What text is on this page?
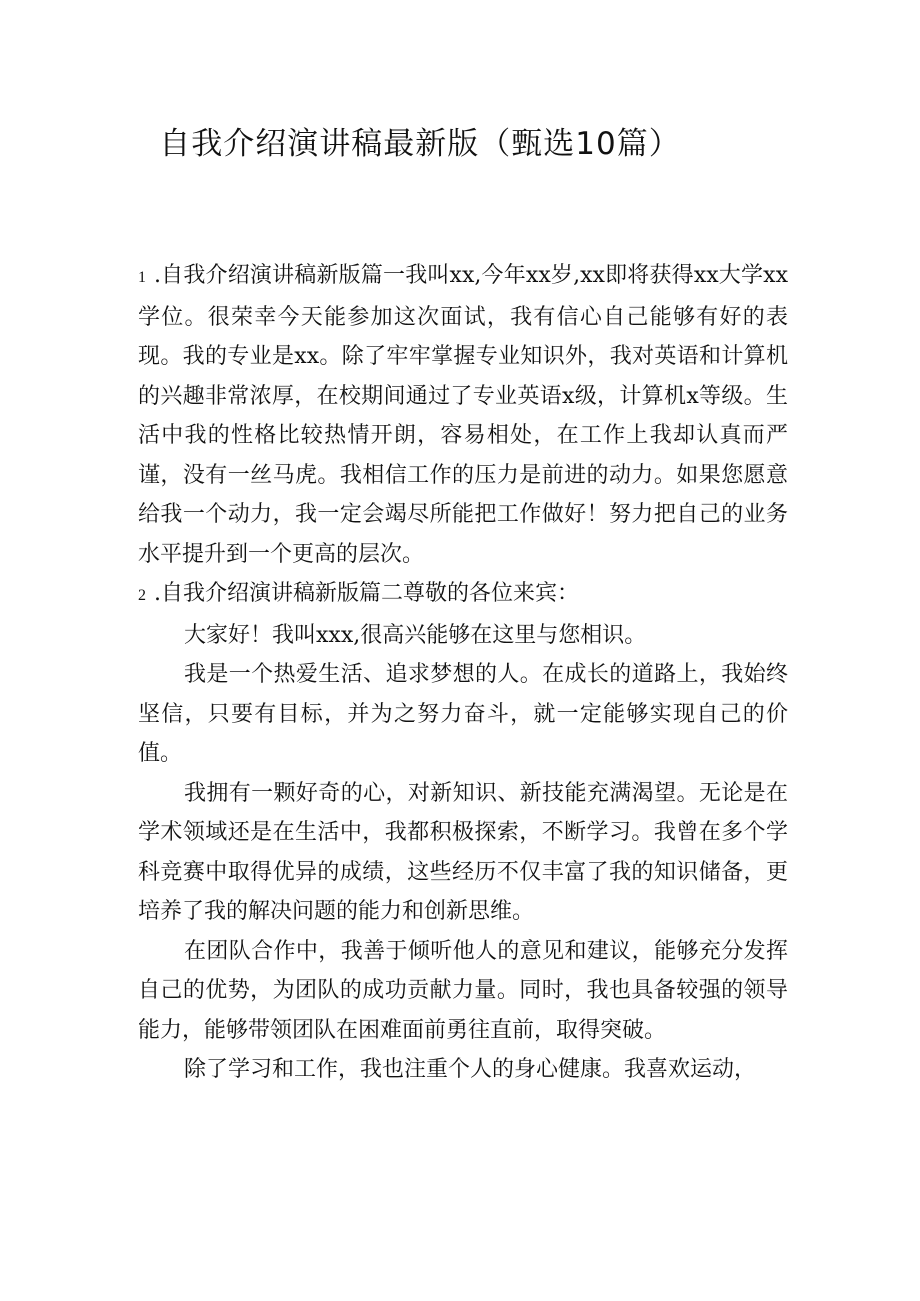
自我介绍演讲稿最新版（甄选10篇）

1 .自我介绍演讲稿新版篇一我叫xx,今年xx岁,xx即将获得xx大学xx学位。很荣幸今天能参加这次面试，我有信心自己能够有好的表现。我的专业是xx。除了牢牢掌握专业知识外，我对英语和计算机的兴趣非常浓厚，在校期间通过了专业英语x级，计算机x等级。生活中我的性格比较热情开朗，容易相处，在工作上我却认真而严谨，没有一丝马虎。我相信工作的压力是前进的动力。如果您愿意给我一个动力，我一定会竭尽所能把工作做好！努力把自己的业务水平提升到一个更高的层次。

2 .自我介绍演讲稿新版篇二尊敬的各位来宾：

大家好！我叫xxx,很高兴能够在这里与您相识。

我是一个热爱生活、追求梦想的人。在成长的道路上，我始终坚信，只要有目标，并为之努力奋斗，就一定能够实现自己的价值。

我拥有一颗好奇的心，对新知识、新技能充满渴望。无论是在学术领域还是在生活中，我都积极探索，不断学习。我曾在多个学科竞赛中取得优异的成绩，这些经历不仅丰富了我的知识储备，更培养了我的解决问题的能力和创新思维。

在团队合作中，我善于倾听他人的意见和建议，能够充分发挥自己的优势，为团队的成功贡献力量。同时，我也具备较强的领导能力，能够带领团队在困难面前勇往直前，取得突破。

除了学习和工作，我也注重个人的身心健康。我喜欢运动，
